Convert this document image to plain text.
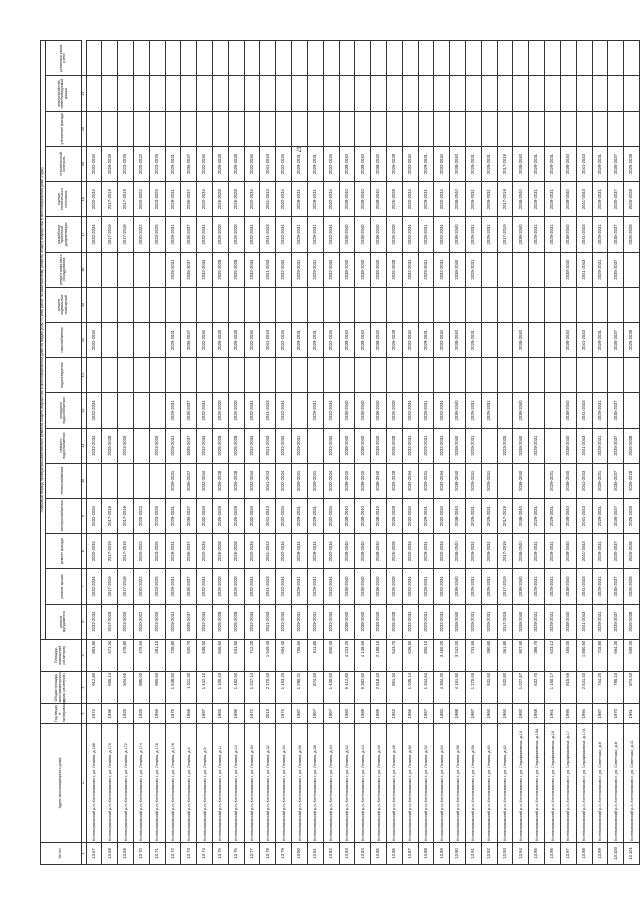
47
№ п/п	Адрес многоквартирного дома	Год ввода в эксплуатацию	Общая площадь многоквартирного дома (кв.метров)	Площадь помещений (кв.метров)	Плановый период проведения капитального ремонта общего имущества в многоквартирном доме по видам услуг и (или) работ по капитальному ремонту общего имущества в многоквартирном доме (годы)																
					ремонт фундамента	ремонт крыши	ремонт фасада	электроснабжения	теплоснабжения	горячего водоснабжения	холодного водоснабжения	водоотведения	газоснабжения	ремонт подвальных помещений	ремонт лифтового оборудования	разработка проектной документации	оценка технического состояния	строительный контроль	утепление фасада	переустройство невентилируемой крыши	установка узлов учета
1	2	3	4	5	6	7	8	9	10	11	12	13	14	15	16	17	18	19	20	21	
13.67	Котельниковский р-н, Котельниково г, ул. Ленина, д.168	1974	912,80	853,80	2032-2034	2032-2034	2032-2034	2032-2034		2032-2034	2032-2034		2032-2034			2032-2034	2032-2034	2032-2034			
13.68	Котельниковский р-н, Котельниково г, ул. Ленина, д.170	1936	655,14	471,34	2017-2019	2017-2019	2017-2019	2017-2019		2026-2028						2017-2019	2017-2019	2026-2028			
13.69	Котельниковский р-н, Котельниково г, ул. Ленина, д.172	1925	504,65	478,80	2023-2025	2017-2019	2017-2019	2017-2019		2023-2025						2017-2019	2017-2019	2023-2025			
13.70	Котельниковский р-н, Котельниково г, ул. Ленина, д.174	1925	885,00	475,60	2020-2022	2020-2022	2020-2022	2020-2022								2020-2022	2020-2022	2020-2022			
13.71	Котельниковский р-н, Котельниково г, ул. Ленина, д.176	1955	955,50	481,10	2023-2025	2023-2025	2023-2025	2023-2025		2023-2025						2023-2025	2023-2025	2023-2025			
13.72	Котельниковский р-н, Котельниково г, ул. Ленина, д.178	1875	1 538,80	728,80	2029-2031	2029-2031	2029-2031	2029-2031	2029-2031	2029-2031	2029-2031		2029-2031		2029-2031	2029-2031	2029-2031	2029-2031			
13.73	Котельниковский р-н, Котельниково г, ул. Ленина, д.4	1968	1 011,30	620,70	2035-2037	2035-2037	2035-2037	2035-2037	2035-2037	2035-2037	2035-2037		2035-2037		2035-2037	2035-2037	2035-2037	2035-2037			
13.74	Котельниковский р-н, Котельниково г, ул. Ленина, д.5	1997	1 442,10	638,50	2032-2034	2032-2034	2032-2034	2032-2034	2032-2034	2032-2034	2032-2034		2032-2034		2032-2034	2032-2034	2032-2034	2032-2034			
13.75	Котельниковский р-н, Котельниково г, ул. Ленина, д.11	1965	1 105,43	846,60	2026-2028	2026-2028	2026-2028	2026-2028	2026-2028	2026-2028	2026-2028		2026-2028		2026-2028	2026-2028	2026-2028	2026-2028			
13.76	Котельниковский р-н, Котельниково г, ул. Ленина, д.13	1996	1 482,50	631,60	2026-2028	2026-2028	2026-2028	2026-2028	2026-2028	2026-2028	2026-2028		2026-2028		2026-2028	2026-2028	2026-2028	2026-2028			
13.77	Котельниковский р-н, Котельниково г, ул. Ленина, д.30	1972	1 247,14	712,20	2032-2034	2032-2034	2032-2034	2032-2034	2032-2034	2032-2034	2032-2034		2032-2034		2032-2034	2032-2034	2032-2034	2032-2034			
13.78	Котельниковский р-н, Котельниково г, ул. Ленина, д.32	2015	2 370,40	1 549,40	2041-2043	2041-2043	2041-2043	2041-2043	2041-2043	2041-2043	2041-2043		2041-2043		2041-2043	2041-2043	2041-2043	2041-2043			
13.79	Котельниковский р-н, Котельниково г, ул. Ленина, д.34	1974	1 163,20	654,40	2032-2034	2032-2034	2032-2034	2032-2034	2032-2034	2032-2034	2032-2034		2032-2034		2032-2034	2032-2034	2032-2034	2032-2034			
13.80	Котельниковский р-н, Котельниково г, ул. Ленина, д.36	1987	1 290,21	755,60	2029-2031	2029-2031	2029-2031	2029-2031	2029-2031	2029-2031			2029-2031		2029-2031	2029-2031	2029-2031	2029-2031			
13.81	Котельниковский р-н, Котельниково г, ул. Ленина, д.38	1967	874,50	611,80	2029-2031	2029-2031	2029-2031	2029-2031	2029-2031		2029-2031		2029-2031		2029-2031	2029-2031	2029-2031	2029-2031			
13.82	Котельниковский р-н, Котельниково г, ул. Ленина, д.40	1967	1 430,60	840,40	2032-2034	2032-2034	2032-2034	2032-2034	2032-2034	2032-2034	2032-2034		2032-2034		2032-2034	2032-2034	2032-2034	2032-2034			
13.83	Котельниковский р-н, Котельниково г, ул. Ленина, д.42	1983	5 412,80	4 223,20	2038-2040	2038-2040	2038-2040	2038-2040	2038-2040	2038-2040	2038-2040		2038-2040		2038-2040	2038-2040	2038-2040	2038-2040			
13.84	Котельниковский р-н, Котельниково г, ул. Ленина, д.44	1989	5 382,60	4 148,60	2038-2040	2038-2040	2038-2040	2038-2040	2038-2040	2038-2040	2038-2040		2038-2040		2038-2040	2038-2040	2038-2040	2038-2040			
13.85	Котельниковский р-н, Котельниково г, ул. Ленина, д.46	1999	2 818,40	2 188,10	2038-2040	2038-2040	2038-2040	2038-2040	2038-2040	2038-2040	2038-2040		2038-2040		2038-2040	2038-2040	2038-2040	2038-2040			
13.86	Котельниковский р-н, Котельниково г, ул. Ленина, д.48	1962	861,34	543,70	2026-2028	2026-2028	2026-2028	2026-2028	2026-2028	2026-2028	2026-2028		2026-2028		2026-2028	2026-2028	2026-2028	2026-2028			
13.87	Котельниковский р-н, Котельниково г, ул. Ленина, д.50	1966	1 035,14	626,50	2032-2034	2032-2034	2032-2034	2032-2034	2032-2034	2032-2034	2032-2034		2032-2034		2032-2034	2032-2034	2032-2034	2032-2034			
13.88	Котельниковский р-н, Котельниково г, ул. Ленина, д.52	1967	1 344,64	800,10	2029-2031	2029-2031	2029-2031	2029-2031	2029-2031	2029-2031	2029-2031		2029-2031		2029-2031	2029-2031	2029-2031	2029-2031			
13.89	Котельниковский р-н, Котельниково г, ул. Ленина, д.54	1984	4 304,30	3 460,00	2032-2034	2032-2034	2032-2034	2032-2034	2032-2034	2032-2034	2032-2034		2032-2034		2032-2034	2032-2034	2032-2034	2032-2034			
13.90	Котельниковский р-н, Котельниково г, ул. Ленина, д.56	1988	4 161,90	3 242,00	2038-2040	2038-2040	2038-2040	2038-2040	2038-2040	2038-2040	2038-2040		2038-2040		2038-2040	2038-2040	2038-2040	2038-2040			
13.91	Котельниковский р-н, Котельниково г, ул. Ленина, д.58	1987	1 270,65	731,65	2029-2031	2029-2031	2029-2031	2029-2031	2029-2031	2029-2031	2029-2031		2029-2031		2029-2031	2029-2031	2029-2031	2029-2031			
13.92	Котельниковский р-н, Котельниково г, ул. Ленина, д.60	1960	531,50	390,80	2029-2031	2029-2031	2029-2031	2029-2031	2029-2031		2029-2031					2029-2031	2029-2031	2029-2031			
13.93	Котельниковский р-н, Котельниково г, ул. Ленина, д.62	1960	532,80	361,80	2017-2019	2017-2019	2017-2019	2017-2019		2023-2025						2017-2019	2017-2019	2017-2019			
13.94	Котельниковский р-н, Котельниково г, ул. Серафимовича, д.10	1992	1 027,87	907,50	2038-2040	2038-2040	2038-2040	2038-2040	2038-2040	2038-2040	2038-2040		2038-2040			2038-2040	2038-2040	2038-2040			
13.95	Котельниковский р-н, Котельниково г, ул. Серафимовича, д.15А	1958	532,70	386,70	2029-2031	2029-2031	2029-2031	2029-2031		2029-2031						2029-2031	2029-2031	2029-2031			
13.96	Котельниковский р-н, Котельниково г, ул. Серафимовича, д.16	1961	1 150,17	623,12	2029-2031	2029-2031	2029-2031	2029-2031	2029-2031							2029-2031	2029-2031	2029-2031			
13.97	Котельниковский р-н, Котельниково г, ул. Серафимовича, д.17	1995	815,65	455,00	2038-2040	2038-2040	2038-2040	2038-2040	2038-2040	2038-2040	2038-2040		2038-2040		2038-2040	2038-2040	2038-2040	2038-2040			
13.98	Котельниковский р-н, Котельниково г, ул. Серафимовича, д.17А	1994	2 521,40	1 850,50	2041-2043	2041-2043	2041-2043	2041-2043	2041-2043	2041-2043	2041-2043		2041-2043		2041-2043	2041-2043	2041-2043	2041-2043			
13.99	Котельниковский р-н, Котельниково г, ул. Советская, д.6	1987	744,20	715,80	2029-2031	2029-2031	2029-2031	2029-2031	2029-2031	2029-2031	2029-2031		2029-2031		2029-2031	2029-2031	2029-2031	2029-2031			
13.100	Котельниковский р-н, Котельниково г, ул. Советская, д.8	1970	795,10	664,30	2035-2037	2035-2037	2035-2037	2035-2037	2035-2037	2035-2037	2035-2037		2035-2037		2035-2037	2035-2037	2035-2037	2035-2037			
13.101	Котельниковский р-н, Котельниково г, ул. Советская, д.11	1961	874,60	609,20	2026-2028	2026-2028	2026-2028	2026-2028	2026-2028	2026-2028			2026-2028			2026-2028	2026-2028	2026-2028			
